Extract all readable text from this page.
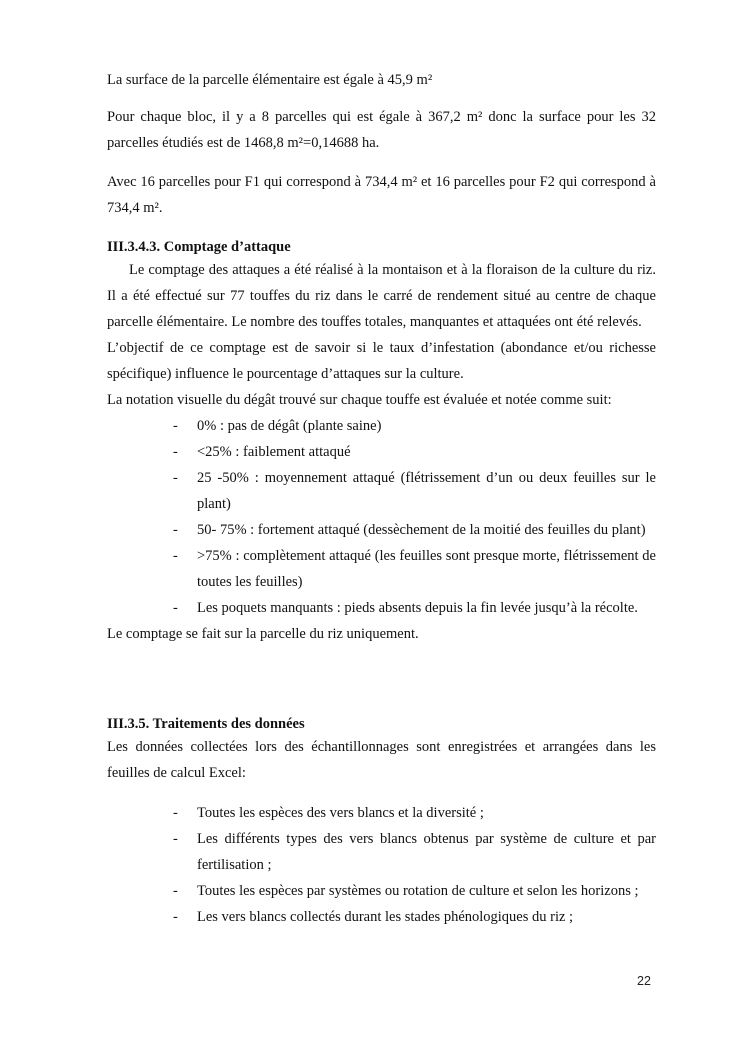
La surface de la parcelle élémentaire est égale à 45,9 m²

Pour chaque bloc, il y a 8 parcelles qui est égale à 367,2 m² donc la surface pour les 32 parcelles étudiés est de 1468,8 m²=0,14688 ha.

Avec 16 parcelles pour F1 qui correspond à 734,4 m² et 16 parcelles pour F2 qui correspond à 734,4 m².

III.3.4.3. Comptage d’attaque

Le comptage des attaques a été réalisé à la montaison et à la floraison de la culture du riz. Il a été effectué sur 77 touffes du riz dans le carré de rendement situé au centre de chaque parcelle élémentaire. Le nombre des touffes totales, manquantes et attaquées ont été relevés.

L’objectif de ce comptage est de savoir si le taux d’infestation (abondance et/ou richesse spécifique) influence le pourcentage d’attaques sur la culture.

La notation visuelle du dégât trouvé sur chaque touffe est évaluée et notée comme suit:

- 0% : pas de dégât (plante saine)
- <25% : faiblement attaqué
- 25 -50% : moyennement attaqué (flétrissement d’un ou deux feuilles sur le plant)
- 50- 75% : fortement attaqué (dessèchement de la moitié des feuilles du plant)
- >75% : complètement attaqué (les feuilles sont presque morte, flétrissement de toutes les feuilles)
- Les poquets manquants : pieds absents depuis la fin levée jusqu’à la récolte.

Le comptage se fait sur la parcelle du riz uniquement.

III.3.5. Traitements des données

Les données collectées lors des échantillonnages sont enregistrées et arrangées dans les feuilles de calcul Excel:

- Toutes les espèces des vers blancs et la diversité ;
- Les différents types des vers blancs obtenus par système de culture et par fertilisation ;
- Toutes les espèces par systèmes ou rotation de culture et selon les horizons ;
- Les vers blancs collectés durant les stades phénologiques du riz ;
22
